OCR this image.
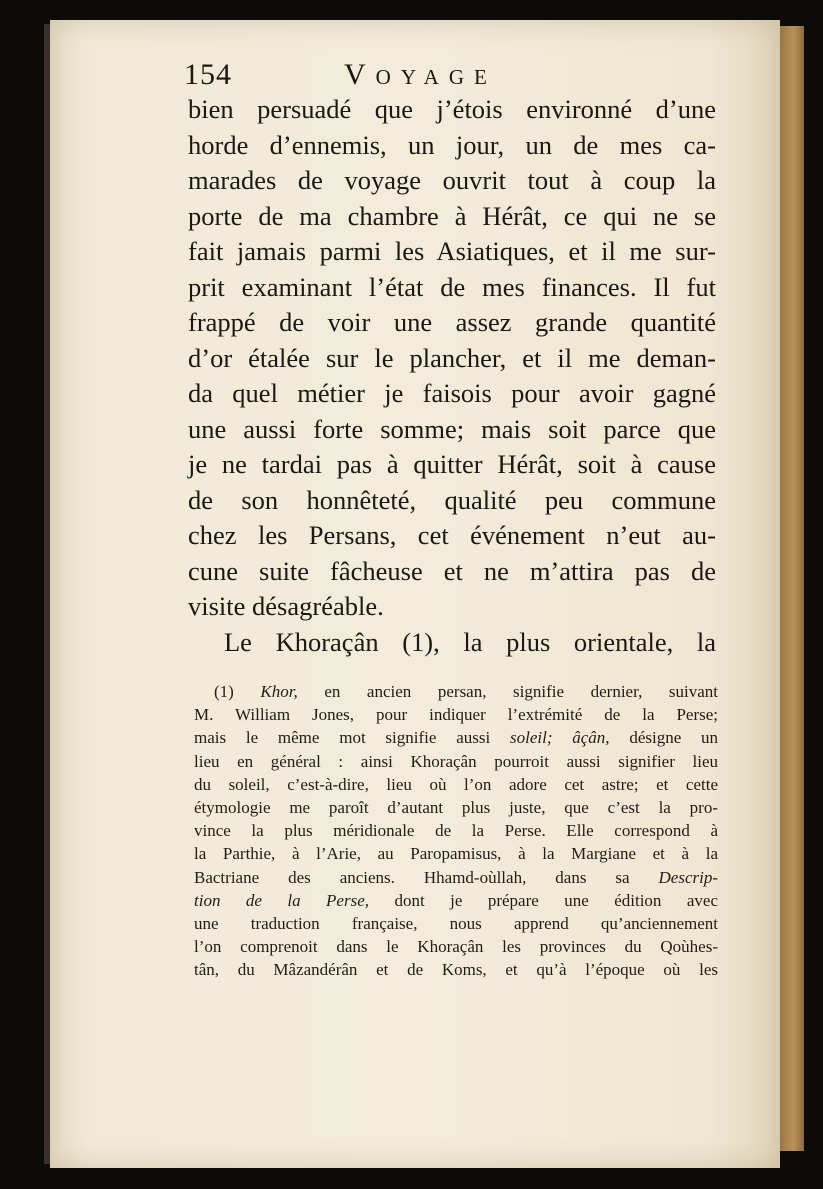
154	Voyage
bien persuadé que j’étois environné d’une
horde d’ennemis, un jour, un de mes ca-
marades de voyage ouvrit tout à coup la
porte de ma chambre à Hérât, ce qui ne se
fait jamais parmi les Asiatiques, et il me sur-
prit examinant l’état de mes finances. Il fut
frappé de voir une assez grande quantité
d’or étalée sur le plancher, et il me deman-
da quel métier je faisois pour avoir gagné
une aussi forte somme; mais soit parce que
je ne tardai pas à quitter Hérât, soit à cause
de son honnêteté, qualité peu commune
chez les Persans, cet événement n’eut au-
cune suite fâcheuse et ne m’attira pas de
visite désagréable.
Le Khoraçân (1), la plus orientale, la
(1) Khor, en ancien persan, signifie dernier, suivant
M. William Jones, pour indiquer l’extrémité de la Perse;
mais le même mot signifie aussi soleil; âçân, désigne un
lieu en général : ainsi Khoraçân pourroit aussi signifier lieu
du soleil, c’est-à-dire, lieu où l’on adore cet astre; et cette
étymologie me paroît d’autant plus juste, que c’est la pro-
vince la plus méridionale de la Perse. Elle correspond à
la Parthie, à l’Arie, au Paropamisus, à la Margiane et à la
Bactriane des anciens. Hhamd-oùllah, dans sa Descrip-
tion de la Perse, dont je prépare une édition avec
une traduction française, nous apprend qu’anciennement
l’on comprenoit dans le Khoraçân les provinces du Qoùhes-
tân, du Mâzandérân et de Koms, et qu’à l’époque où les
